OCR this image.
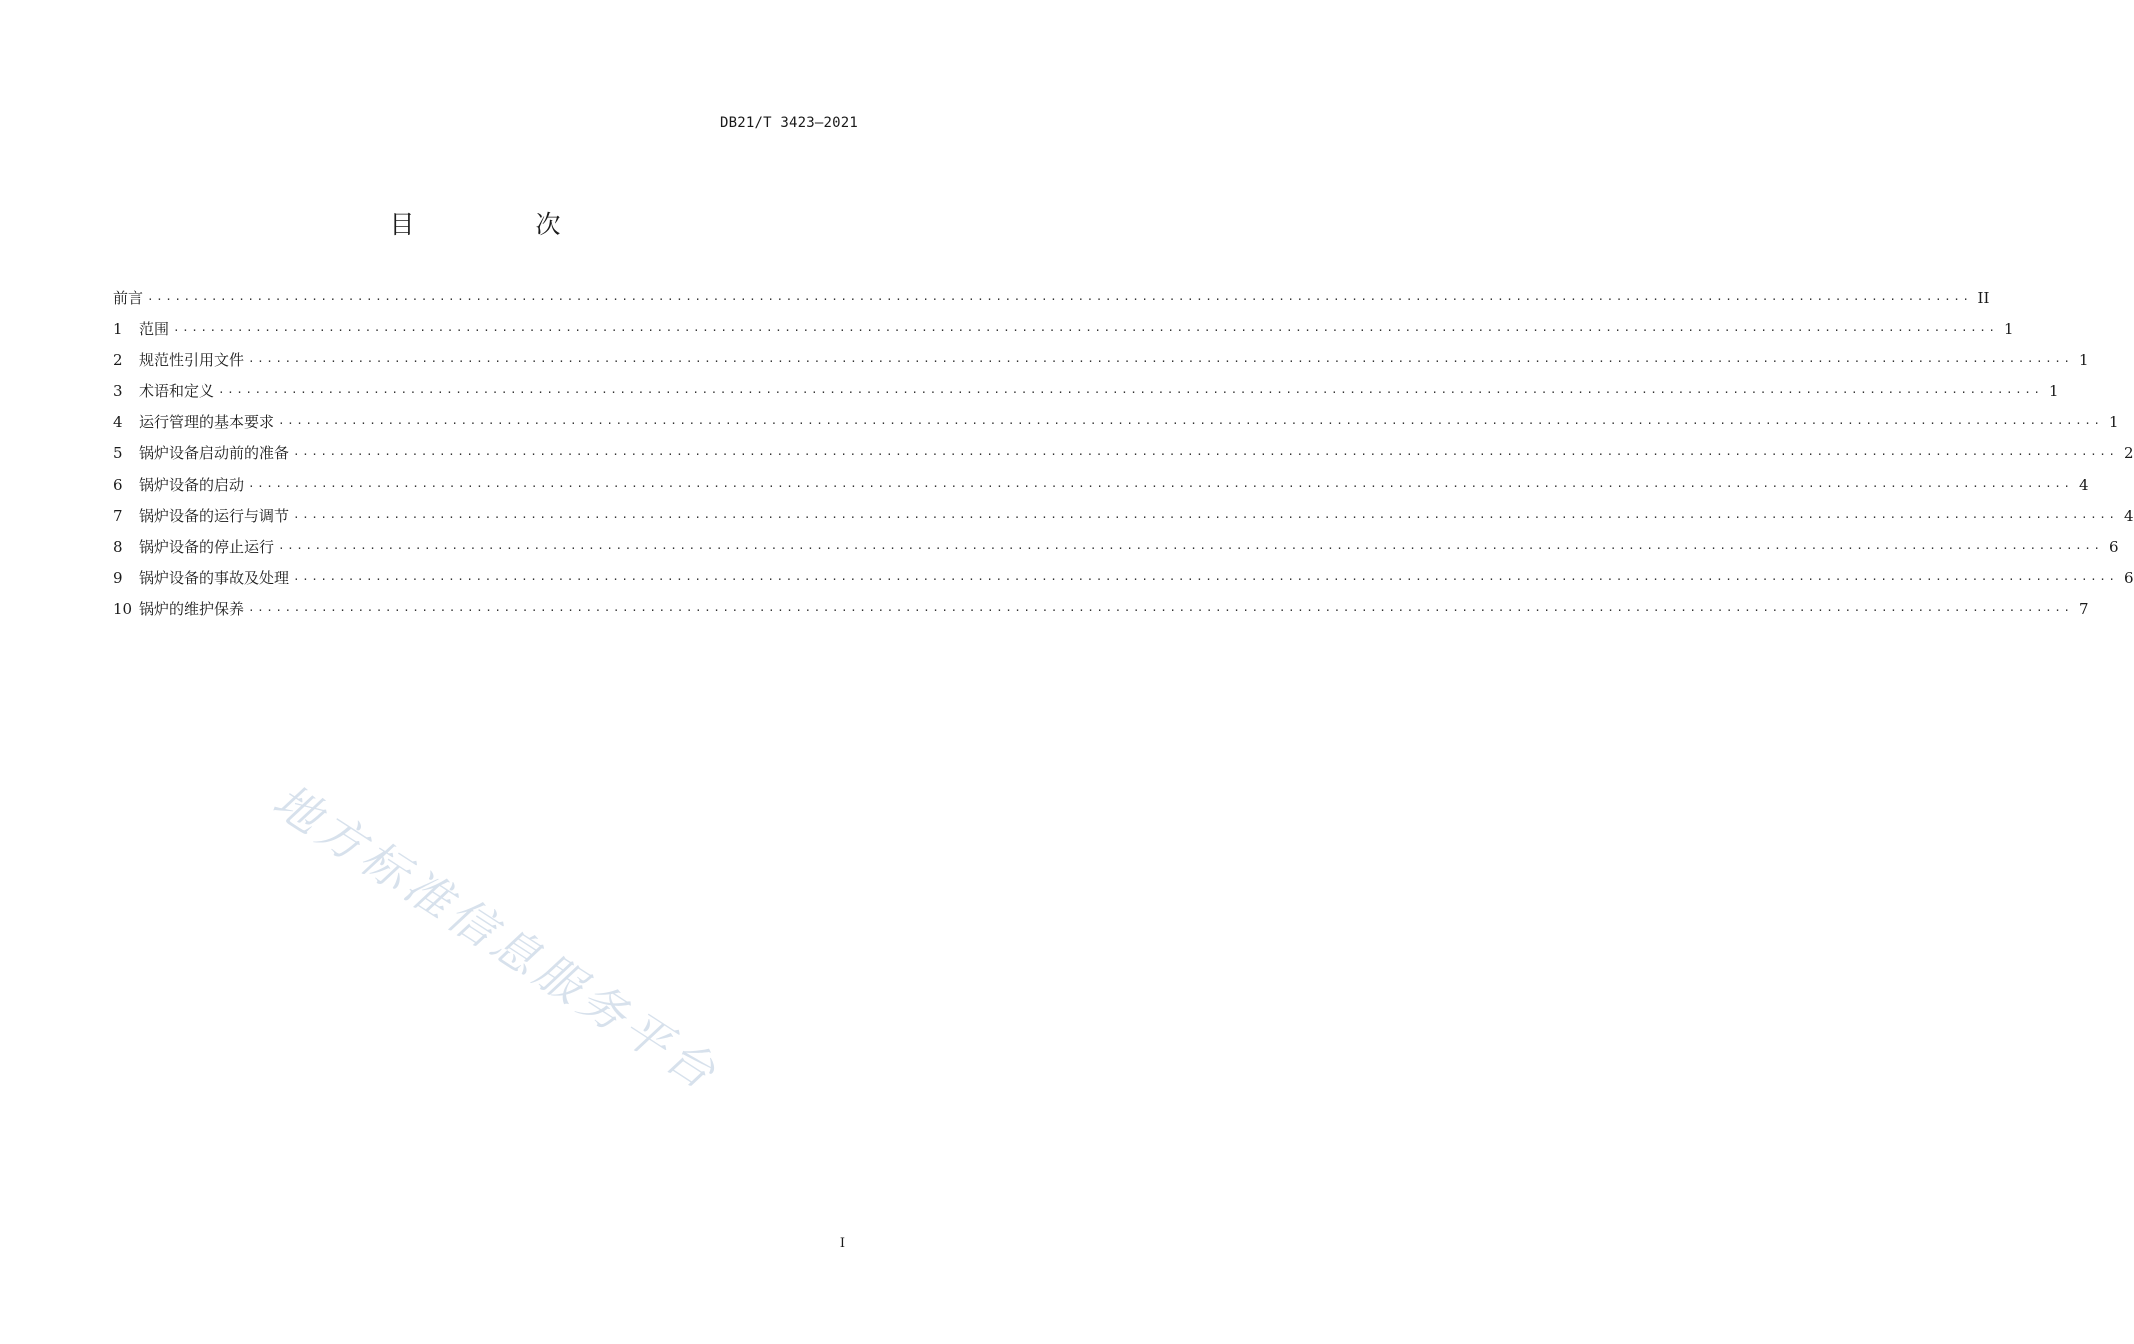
DB21/T 3423—2021
目　次
前言 ········································································································································································································ II
1	范围 ········································································································································································································ 1
2	规范性引用文件 ········································································································································································································ 1
3	术语和定义 ········································································································································································································ 1
4	运行管理的基本要求 ········································································································································································································ 1
5	锅炉设备启动前的准备 ········································································································································································································ 2
6	锅炉设备的启动 ········································································································································································································ 4
7	锅炉设备的运行与调节 ········································································································································································································ 4
8	锅炉设备的停止运行 ········································································································································································································ 6
9	锅炉设备的事故及处理 ········································································································································································································ 6
10 锅炉的维护保养 ········································································································································································································ 7
地方标准信息服务平台
I
